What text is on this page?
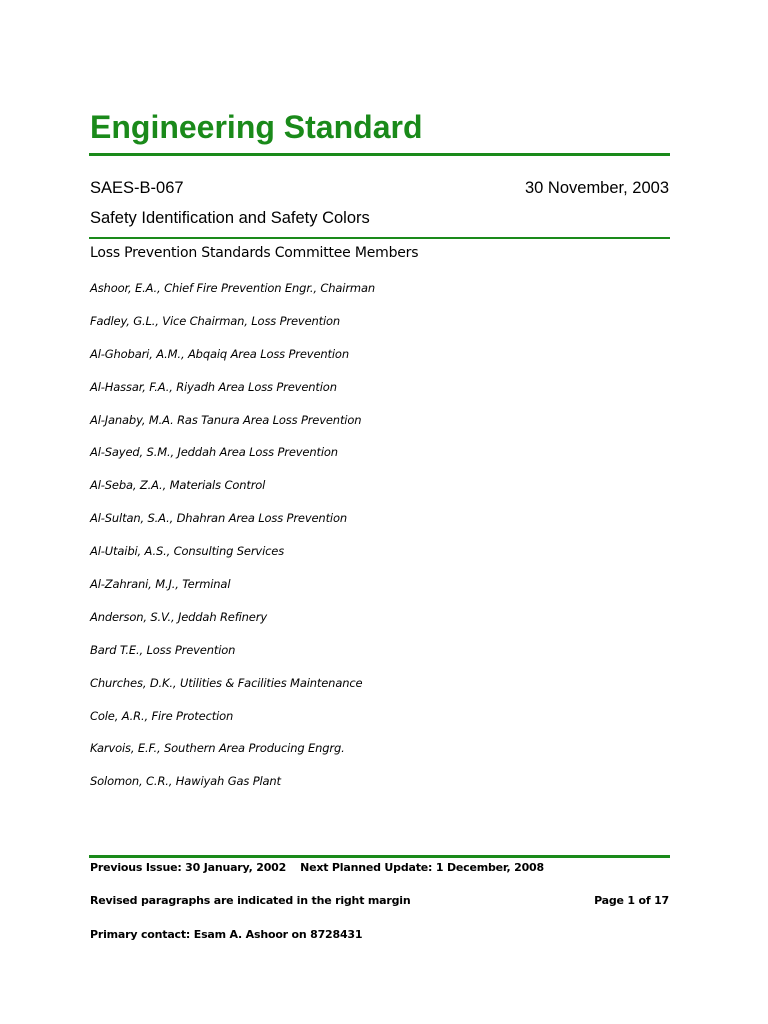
Engineering Standard
SAES-B-067	30 November, 2003
Safety Identification and Safety Colors
Loss Prevention Standards Committee Members
Ashoor, E.A., Chief Fire Prevention Engr., Chairman
Fadley, G.L., Vice Chairman, Loss Prevention
Al-Ghobari, A.M., Abqaiq Area Loss Prevention
Al-Hassar, F.A., Riyadh Area Loss Prevention
Al-Janaby, M.A. Ras Tanura Area Loss Prevention
Al-Sayed, S.M., Jeddah Area Loss Prevention
Al-Seba, Z.A., Materials Control
Al-Sultan, S.A., Dhahran Area Loss Prevention
Al-Utaibi, A.S., Consulting Services
Al-Zahrani, M.J., Terminal
Anderson, S.V., Jeddah Refinery
Bard T.E., Loss Prevention
Churches, D.K., Utilities & Facilities Maintenance
Cole, A.R., Fire Protection
Karvois, E.F., Southern Area Producing Engrg.
Solomon, C.R., Hawiyah Gas Plant
Previous Issue: 30 January, 2002 Next Planned Update: 1 December, 2008
Revised paragraphs are indicated in the right margin	Page 1 of 17
Primary contact: Esam A. Ashoor on 8728431
